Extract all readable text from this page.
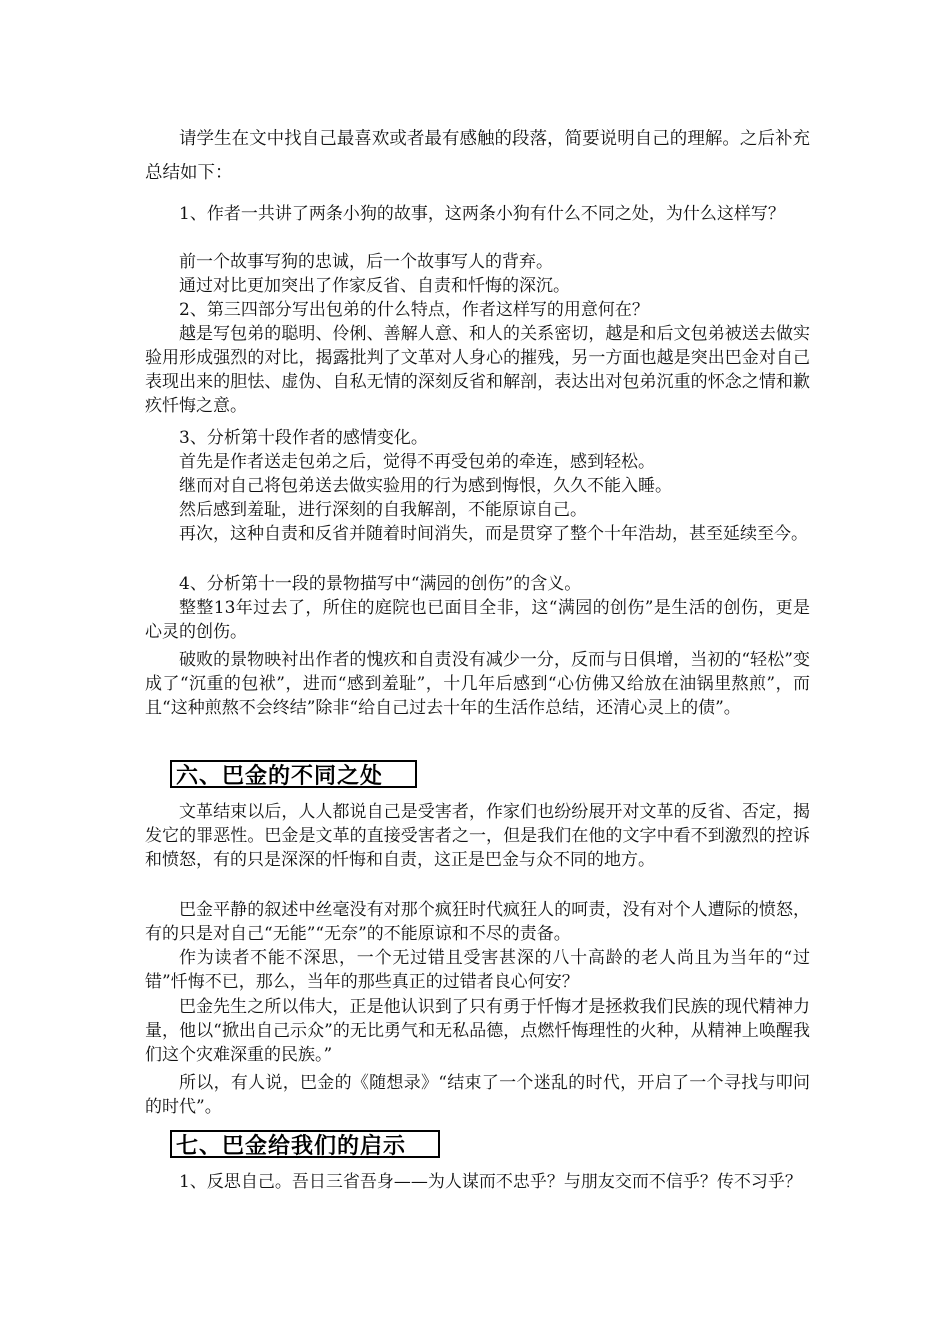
请学生在文中找自己最喜欢或者最有感触的段落，简要说明自己的理解。之后补充总结如下：

1、作者一共讲了两条小狗的故事，这两条小狗有什么不同之处，为什么这样写？

前一个故事写狗的忠诚，后一个故事写人的背弃。

通过对比更加突出了作家反省、自责和忏悔的深沉。

2、第三四部分写出包弟的什么特点，作者这样写的用意何在？

越是写包弟的聪明、伶俐、善解人意、和人的关系密切，越是和后文包弟被送去做实验用形成强烈的对比，揭露批判了文革对人身心的摧残，另一方面也越是突出巴金对自己表现出来的胆怯、虚伪、自私无情的深刻反省和解剖，表达出对包弟沉重的怀念之情和歉疚忏悔之意。

3、分析第十段作者的感情变化。

首先是作者送走包弟之后，觉得不再受包弟的牵连，感到轻松。

继而对自己将包弟送去做实验用的行为感到悔恨，久久不能入睡。

然后感到羞耻，进行深刻的自我解剖，不能原谅自己。

再次，这种自责和反省并随着时间消失，而是贯穿了整个十年浩劫，甚至延续至今。

4、分析第十一段的景物描写中“满园的创伤”的含义。

整整13年过去了，所住的庭院也已面目全非，这“满园的创伤”是生活的创伤，更是心灵的创伤。

破败的景物映衬出作者的愧疚和自责没有减少一分，反而与日俱增，当初的“轻松”变成了“沉重的包袱”，进而“感到羞耻”，十几年后感到“心仿佛又给放在油锅里熬煎”，而且“这种煎熬不会终结”除非“给自己过去十年的生活作总结，还清心灵上的债”。

六、巴金的不同之处

文革结束以后，人人都说自己是受害者，作家们也纷纷展开对文革的反省、否定，揭发它的罪恶性。巴金是文革的直接受害者之一，但是我们在他的文字中看不到激烈的控诉和愤怒，有的只是深深的忏悔和自责，这正是巴金与众不同的地方。

巴金平静的叙述中丝毫没有对那个疯狂时代疯狂人的呵责，没有对个人遭际的愤怒，有的只是对自己“无能”“无奈”的不能原谅和不尽的责备。

作为读者不能不深思，一个无过错且受害甚深的八十高龄的老人尚且为当年的“过错”忏悔不已，那么，当年的那些真正的过错者良心何安？

巴金先生之所以伟大，正是他认识到了只有勇于忏悔才是拯救我们民族的现代精神力量，他以“掀出自己示众”的无比勇气和无私品德，点燃忏悔理性的火种，从精神上唤醒我们这个灾难深重的民族。”

所以，有人说，巴金的《随想录》“结束了一个迷乱的时代，开启了一个寻找与叩问的时代”。

七、巴金给我们的启示

1、反思自己。吾日三省吾身——为人谋而不忠乎？与朋友交而不信乎？传不习乎？
